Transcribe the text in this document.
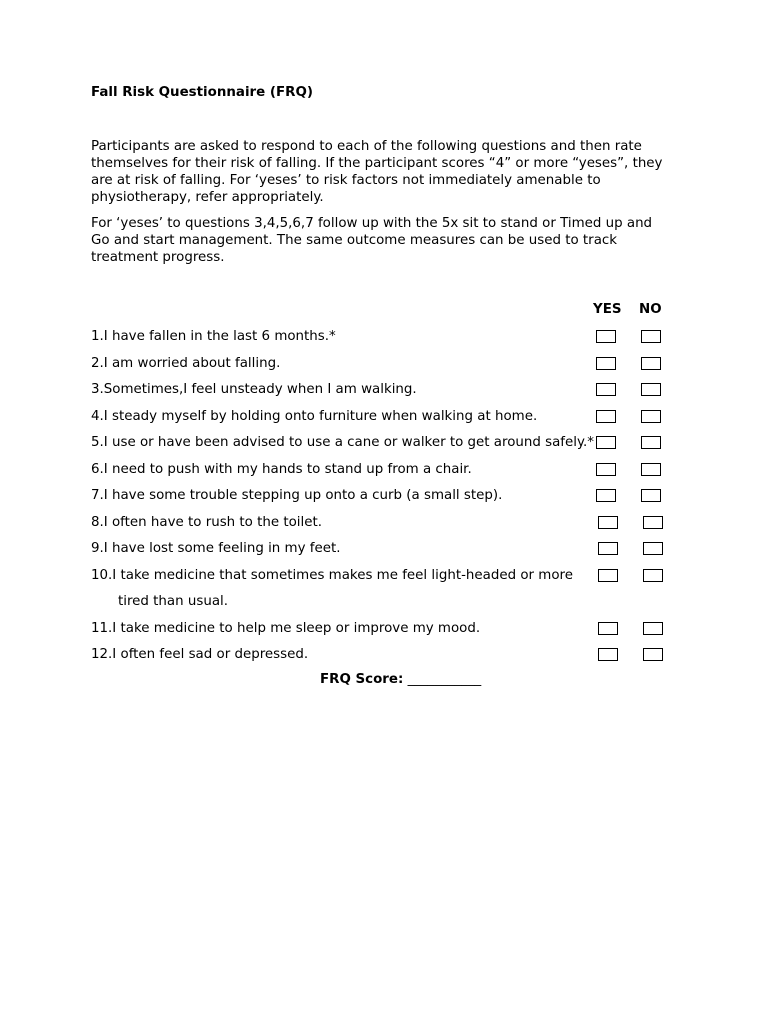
Fall Risk Questionnaire (FRQ)

Participants are asked to respond to each of the following questions and then rate themselves for their risk of falling. If the participant scores “4” or more “yeses”, they are at risk of falling. For ‘yeses’ to risk factors not immediately amenable to physiotherapy, refer appropriately.

For ‘yeses’ to questions 3,4,5,6,7 follow up with the 5x sit to stand or Timed up and Go and start management. The same outcome measures can be used to track treatment progress.

YES NO
1.I have fallen in the last 6 months.*
2.I am worried about falling.
3.Sometimes,I feel unsteady when I am walking.
4.I steady myself by holding onto furniture when walking at home.
5.I use or have been advised to use a cane or walker to get around safely.*
6.I need to push with my hands to stand up from a chair.
7.I have some trouble stepping up onto a curb (a small step).
8.I often have to rush to the toilet.
9.I have lost some feeling in my feet.
10.I take medicine that sometimes makes me feel light-headed or more
tired than usual.
11.I take medicine to help me sleep or improve my mood.
12.I often feel sad or depressed.
FRQ Score: ___________
